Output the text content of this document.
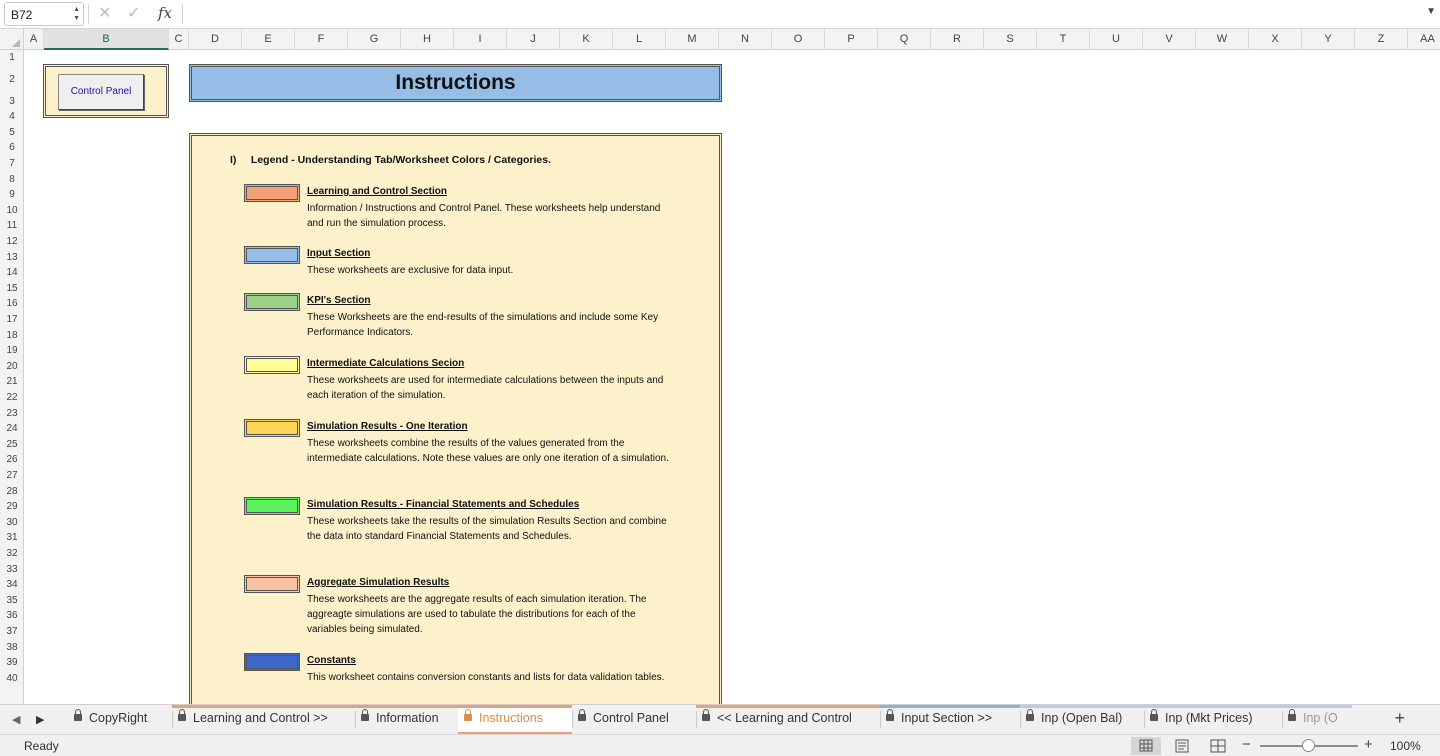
B72	▲
▼ ✕ ✓ fx	▼
A	B	C	D	E	F	G	H	I	J	K	L	M	N	O	P	Q	R	S	T	U	V	W	X	Y	Z	AA
1
2
3
4
5
6
7
8
9
10
11
12
13
14
15
16
17
18
19
20
21
22
23
24
25
26
27
28
29
30
31
32
33
34
35
36
37
38
39
40
Control Panel	Instructions
I) Legend - Understanding Tab/Worksheet Colors / Categories.
Learning and Control Section
Information / Instructions and Control Panel. These worksheets help understand and run the simulation process.
Input Section
These worksheets are exclusive for data input.
KPI's Section
These Worksheets are the end-results of the simulations and include some Key Performance Indicators.
Intermediate Calculations Secion
These worksheets are used for intermediate calculations between the inputs and each iteration of the simulation.
Simulation Results - One Iteration
These worksheets combine the results of the values generated from the intermediate calculations. Note these values are only one iteration of a simulation.
Simulation Results - Financial Statements and Schedules
These worksheets take the results of the simulation Results Section and combine the data into standard Financial Statements and Schedules.
Aggregate Simulation Results
These worksheets are the aggregate results of each simulation iteration. The aggreagte simulations are used to tabulate the distributions for each of the variables being simulated.
Constants
This worksheet contains conversion constants and lists for data validation tables.
◀ ▶	+
CopyRight	Learning and Control >>	Information	Instructions	Control Panel	<< Learning and Control	Input Section >>	Inp (Open Bal)	Inp (Mkt Prices)	Inp (O
Ready	−	+ 100%
